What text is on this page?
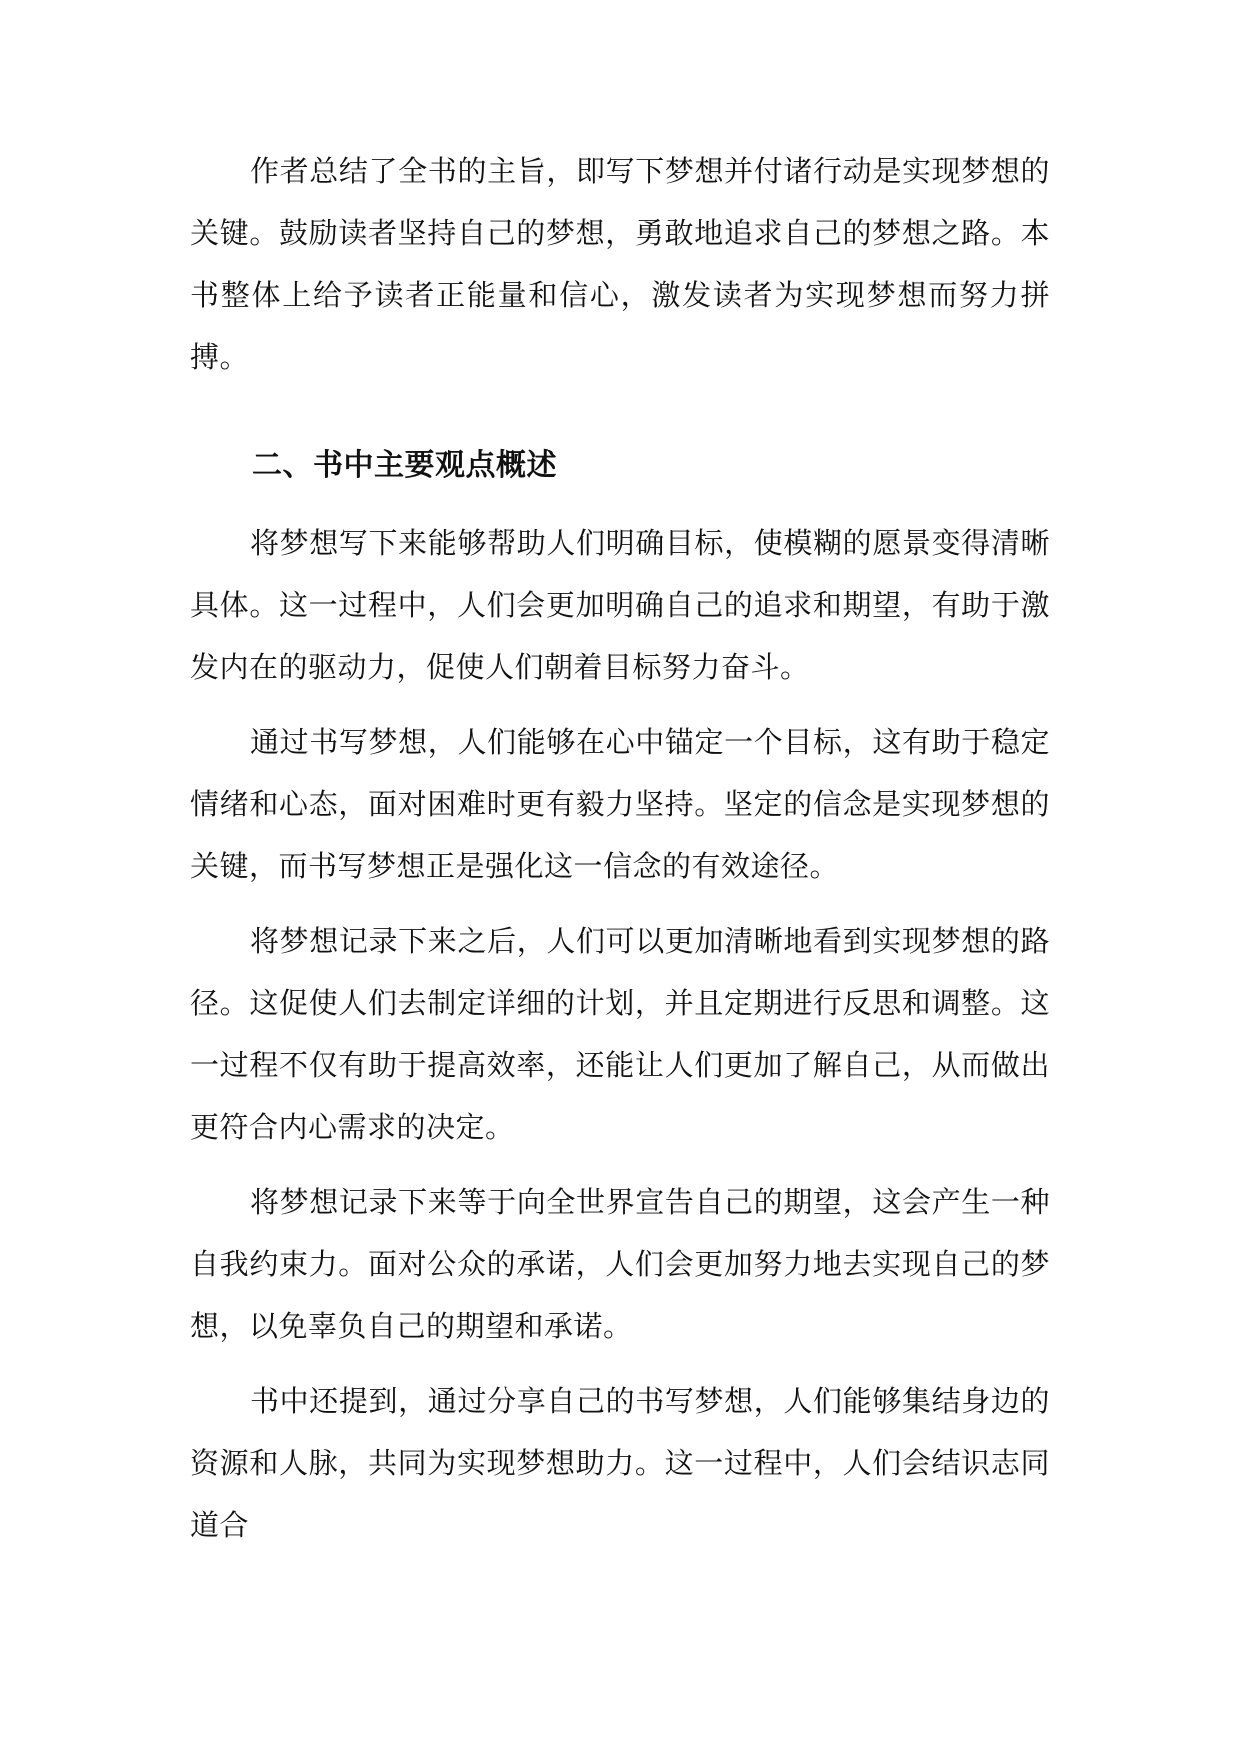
作者总结了全书的主旨，即写下梦想并付诸行动是实现梦想的关键。鼓励读者坚持自己的梦想，勇敢地追求自己的梦想之路。本书整体上给予读者正能量和信心，激发读者为实现梦想而努力拼搏。

二、书中主要观点概述

将梦想写下来能够帮助人们明确目标，使模糊的愿景变得清晰具体。这一过程中，人们会更加明确自己的追求和期望，有助于激发内在的驱动力，促使人们朝着目标努力奋斗。

通过书写梦想，人们能够在心中锚定一个目标，这有助于稳定情绪和心态，面对困难时更有毅力坚持。坚定的信念是实现梦想的关键，而书写梦想正是强化这一信念的有效途径。

将梦想记录下来之后，人们可以更加清晰地看到实现梦想的路径。这促使人们去制定详细的计划，并且定期进行反思和调整。这一过程不仅有助于提高效率，还能让人们更加了解自己，从而做出更符合内心需求的决定。

将梦想记录下来等于向全世界宣告自己的期望，这会产生一种自我约束力。面对公众的承诺，人们会更加努力地去实现自己的梦想，以免辜负自己的期望和承诺。

书中还提到，通过分享自己的书写梦想，人们能够集结身边的资源和人脉，共同为实现梦想助力。这一过程中，人们会结识志同道合
